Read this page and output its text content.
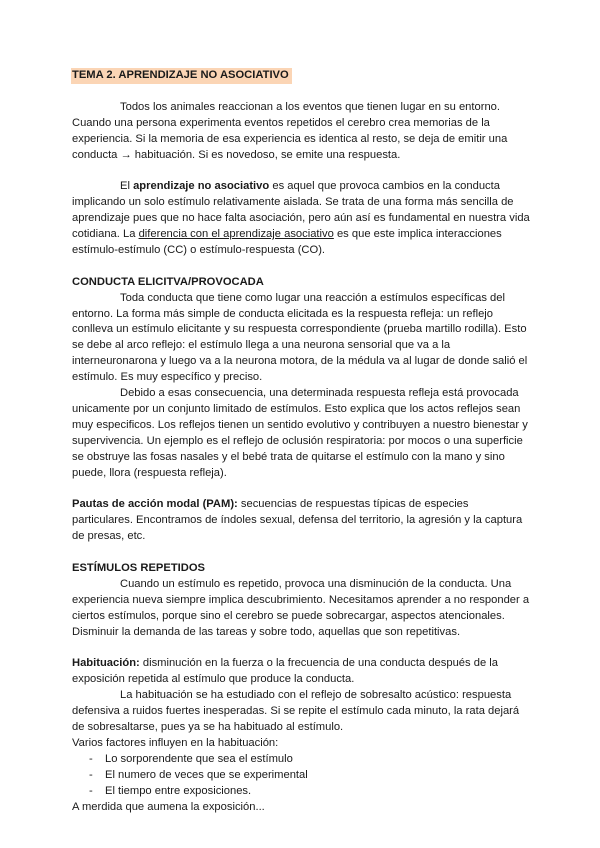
TEMA 2. APRENDIZAJE NO ASOCIATIVO

Todos los animales reaccionan a los eventos que tienen lugar en su entorno. Cuando una persona experimenta eventos repetidos el cerebro crea memorias de la experiencia. Si la memoria de esa experiencia es identica al resto, se deja de emitir una conducta → habituación. Si es novedoso, se emite una respuesta.

El aprendizaje no asociativo es aquel que provoca cambios en la conducta implicando un solo estímulo relativamente aislada. Se trata de una forma más sencilla de aprendizaje pues que no hace falta asociación, pero aún así es fundamental en nuestra vida cotidiana. La diferencia con el aprendizaje asociativo es que este implica interacciones estímulo-estímulo (CC) o estímulo-respuesta (CO).

CONDUCTA ELICITVA/PROVOCADA

Toda conducta que tiene como lugar una reacción a estímulos específicas del entorno. La forma más simple de conducta elicitada es la respuesta refleja: un reflejo conlleva un estímulo elicitante y su respuesta correspondiente (prueba martillo rodilla). Esto se debe al arco reflejo: el estímulo llega a una neurona sensorial que va a la interneuronarona y luego va a la neurona motora, de la médula va al lugar de donde salió el estímulo. Es muy específico y preciso.

Debido a esas consecuencia, una determinada respuesta refleja está provocada unicamente por un conjunto limitado de estímulos. Esto explica que los actos reflejos sean muy especificos. Los reflejos tienen un sentido evolutivo y contribuyen a nuestro bienestar y supervivencia. Un ejemplo es el reflejo de oclusión respiratoria: por mocos o una superficie se obstruye las fosas nasales y el bebé trata de quitarse el estímulo con la mano y sino puede, llora (respuesta refleja).

Pautas de acción modal (PAM): secuencias de respuestas típicas de especies particulares. Encontramos de índoles sexual, defensa del territorio, la agresión y la captura de presas, etc.

ESTÍMULOS REPETIDOS

Cuando un estímulo es repetido, provoca una disminución de la conducta. Una experiencia nueva siempre implica descubrimiento. Necesitamos aprender a no responder a ciertos estímulos, porque sino el cerebro se puede sobrecargar, aspectos atencionales. Disminuir la demanda de las tareas y sobre todo, aquellas que son repetitivas.

Habituación: disminución en la fuerza o la frecuencia de una conducta después de la exposición repetida al estímulo que produce la conducta.

La habituación se ha estudiado con el reflejo de sobresalto acústico: respuesta defensiva a ruidos fuertes inesperadas. Si se repite el estímulo cada minuto, la rata dejará de sobresaltarse, pues ya se ha habituado al estímulo.

Varios factores influyen en la habituación:

- Lo sorporendente que sea el estímulo
- El numero de veces que se experimental
- El tiempo entre exposiciones.

A merdida que aumena la exposición...
